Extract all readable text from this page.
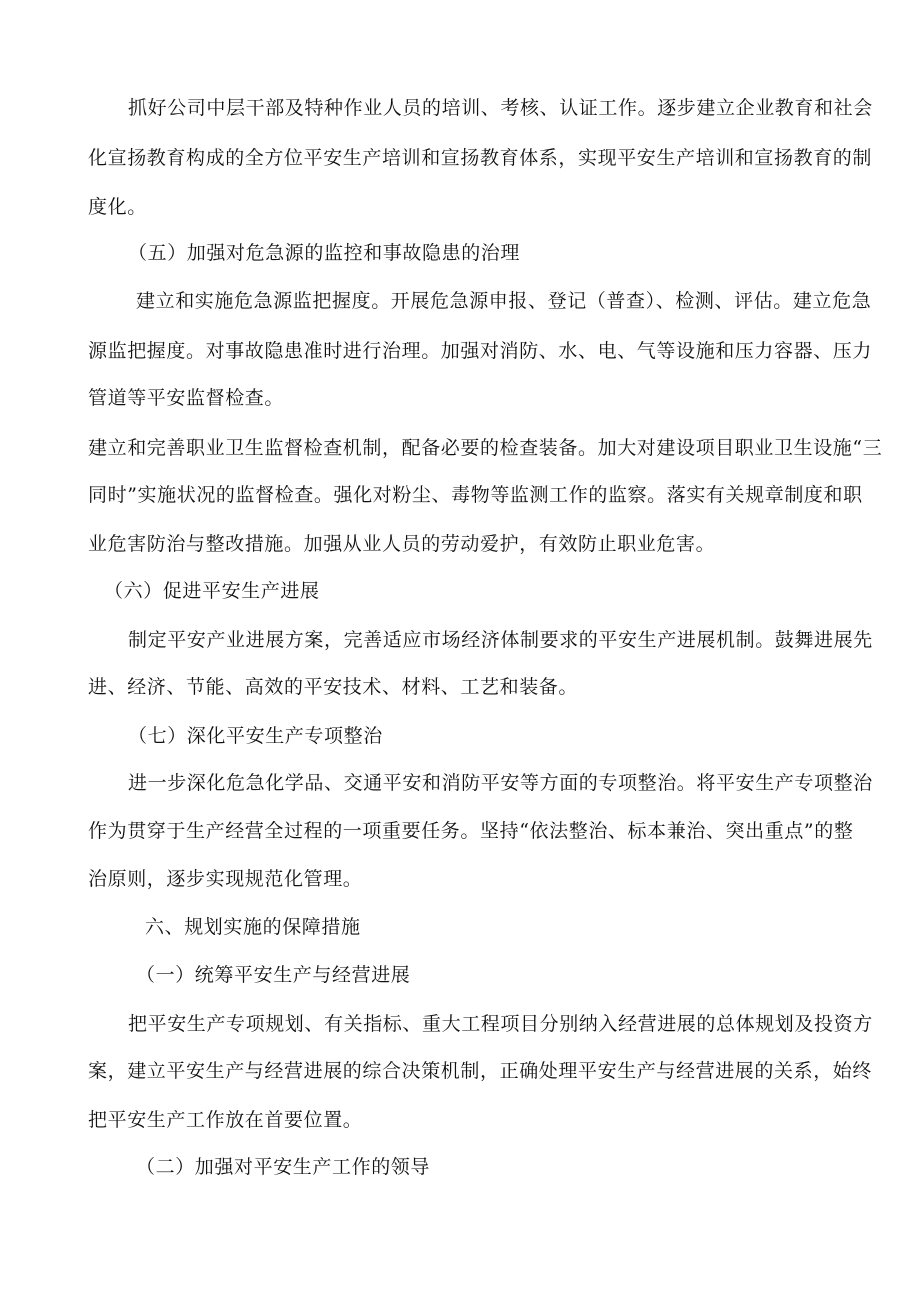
抓好公司中层干部及特种作业人员的培训、考核、认证工作。逐步建立企业教育和社会
化宣扬教育构成的全方位平安生产培训和宣扬教育体系，实现平安生产培训和宣扬教育的制
度化。
（五）加强对危急源的监控和事故隐患的治理
建立和实施危急源监把握度。开展危急源申报、登记（普查）、检测、评估。建立危急
源监把握度。对事故隐患准时进行治理。加强对消防、水、电、气等设施和压力容器、压力
管道等平安监督检查。
建立和完善职业卫生监督检查机制，配备必要的检查装备。加大对建设项目职业卫生设施“三
同时”实施状况的监督检查。强化对粉尘、毒物等监测工作的监察。落实有关规章制度和职
业危害防治与整改措施。加强从业人员的劳动爱护，有效防止职业危害。
（六）促进平安生产进展
制定平安产业进展方案，完善适应市场经济体制要求的平安生产进展机制。鼓舞进展先
进、经济、节能、高效的平安技术、材料、工艺和装备。
（七）深化平安生产专项整治
进一步深化危急化学品、交通平安和消防平安等方面的专项整治。将平安生产专项整治
作为贯穿于生产经营全过程的一项重要任务。坚持“依法整治、标本兼治、突出重点”的整
治原则，逐步实现规范化管理。
六、规划实施的保障措施
（一）统筹平安生产与经营进展
把平安生产专项规划、有关指标、重大工程项目分别纳入经营进展的总体规划及投资方
案，建立平安生产与经营进展的综合决策机制，正确处理平安生产与经营进展的关系，始终
把平安生产工作放在首要位置。
（二）加强对平安生产工作的领导
